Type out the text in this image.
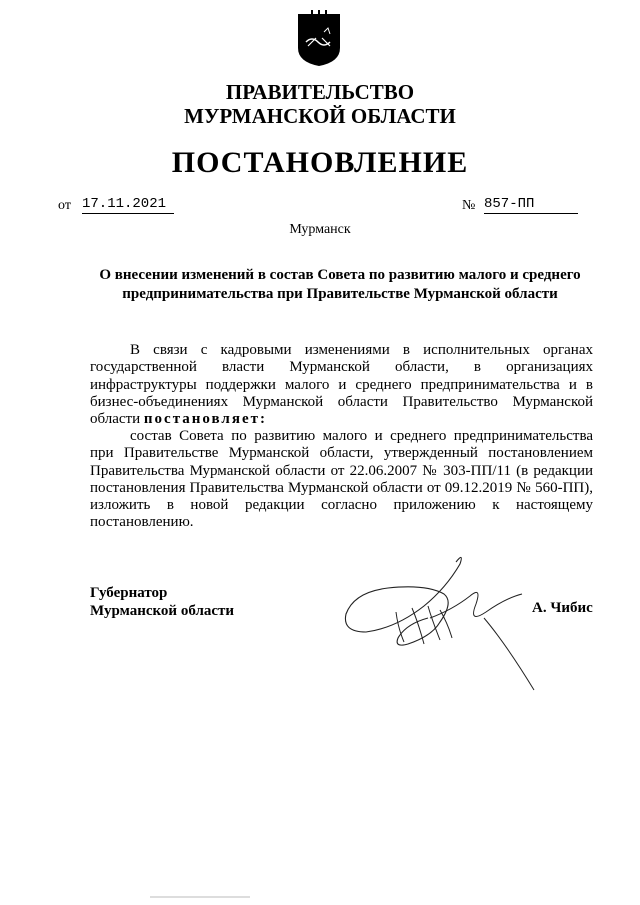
ПРАВИТЕЛЬСТВО
МУРМАНСКОЙ ОБЛАСТИ
ПОСТАНОВЛЕНИЕ
от 17.11.2021	№ 857-ПП
Мурманск
О внесении изменений в состав Совета по развитию малого и среднего предпринимательства при Правительстве Мурманской области
В связи с кадровыми изменениями в исполнительных органах государственной власти Мурманской области, в организациях инфраструктуры поддержки малого и среднего предпринимательства и в бизнес-объединениях Мурманской области Правительство Мурманской области постановляет:
состав Совета по развитию малого и среднего предпринимательства при Правительстве Мурманской области, утвержденный постановлением Правительства Мурманской области от 22.06.2007 № 303-ПП/11 (в редакции постановления Правительства Мурманской области от 09.12.2019 № 560-ПП), изложить в новой редакции согласно приложению к настоящему постановлению.
Губернатор
Мурманской области	А. Чибис
